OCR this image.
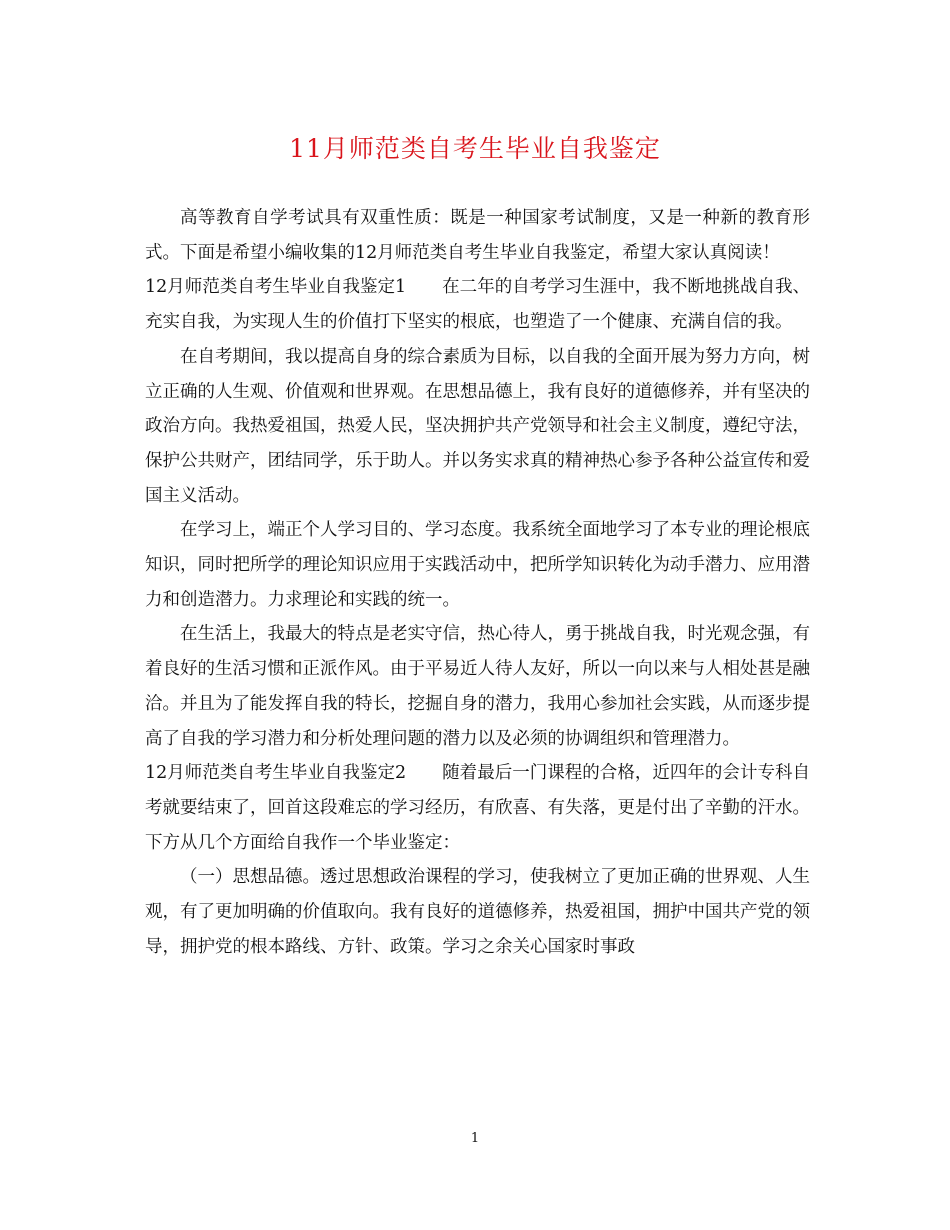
11月师范类自考生毕业自我鉴定

高等教育自学考试具有双重性质：既是一种国家考试制度，又是一种新的教育形式。下面是希望小编收集的12月师范类自考生毕业自我鉴定，希望大家认真阅读！

12月师范类自考生毕业自我鉴定1 在二年的自考学习生涯中，我不断地挑战自我、充实自我，为实现人生的价值打下坚实的根底，也塑造了一个健康、充满自信的我。

在自考期间，我以提高自身的综合素质为目标，以自我的全面开展为努力方向，树立正确的人生观、价值观和世界观。在思想品德上，我有良好的道德修养，并有坚决的政治方向。我热爱祖国，热爱人民，坚决拥护共产党领导和社会主义制度，遵纪守法，保护公共财产，团结同学，乐于助人。并以务实求真的精神热心参予各种公益宣传和爱国主义活动。

在学习上，端正个人学习目的、学习态度。我系统全面地学习了本专业的理论根底知识，同时把所学的理论知识应用于实践活动中，把所学知识转化为动手潜力、应用潜力和创造潜力。力求理论和实践的统一。

在生活上，我最大的特点是老实守信，热心待人，勇于挑战自我，时光观念强，有着良好的生活习惯和正派作风。由于平易近人待人友好，所以一向以来与人相处甚是融洽。并且为了能发挥自我的特长，挖掘自身的潜力，我用心参加社会实践，从而逐步提高了自我的学习潜力和分析处理问题的潜力以及必须的协调组织和管理潜力。

12月师范类自考生毕业自我鉴定2 随着最后一门课程的合格，近四年的会计专科自考就要结束了，回首这段难忘的学习经历，有欣喜、有失落，更是付出了辛勤的汗水。下方从几个方面给自我作一个毕业鉴定：

（一）思想品德。透过思想政治课程的学习，使我树立了更加正确的世界观、人生观，有了更加明确的价值取向。我有良好的道德修养，热爱祖国，拥护中国共产党的领导，拥护党的根本路线、方针、政策。学习之余关心国家时事政

1
